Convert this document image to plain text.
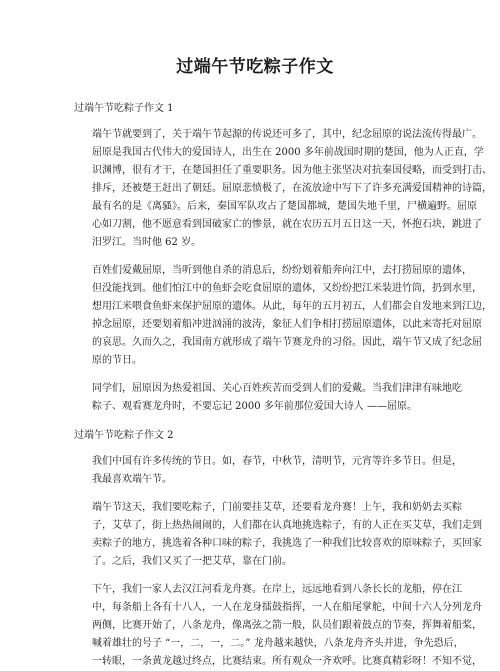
过端午节吃粽子作文
过端午节吃粽子作文 1
端午节就要到了，关于端午节起源的传说还可多了，其中，纪念屈原的说法流传得最广。
屈原是我国古代伟大的爱国诗人，出生在 2000 多年前战国时期的楚国，他为人正直，学
识渊博，很有才干，在楚国担任了重要职务。因为他主张坚决对抗秦国侵略，而受到打击、
排斥，还被楚王赶出了朝廷。屈原悲愤极了，在流放途中写下了许多充满爱国精神的诗篇，
最有名的是《离骚》。后来，秦国军队攻占了楚国都城，楚国失地千里，尸横遍野。屈原
心如刀割，他不愿意看到国破家亡的惨景，就在农历五月五日这一天，怀抱石块，跳进了
汨罗江。当时他 62 岁。
百姓们爱戴屈原，当听到他自杀的消息后，纷纷划着船奔向江中，去打捞屈原的遗体，
但没能找到。他们怕江中的鱼虾会吃食屈原的遗体，又纷纷把江米装进竹筒，扔到水里，
想用江米喂食鱼虾来保护屈原的遗体。从此，每年的五月初五，人们都会自发地来到江边，
掉念屈原，还要划着船冲进汹涌的波涛，象征人们争相打捞屈原遗体，以此来寄托对屈原
的哀思。久而久之，我国南方就形成了端午节赛龙舟的习俗。因此，端午节又成了纪念屈
原的节日。
同学们，屈原因为热爱祖国、关心百姓疾苦而受到人们的爱戴。当我们津津有味地吃
粽子、观看赛龙舟时，不要忘记 2000 多年前那位爱国大诗人 ——屈原。
过端午节吃粽子作文 2
我们中国有许多传统的节日。如，春节，中秋节，清明节，元宵等许多节日。但是，
我最喜欢端午节。
端午节这天，我们要吃粽子，门前要挂艾草，还要看龙舟赛！上午，我和奶奶去买粽
子，艾草了，街上热热闹闹的，人们都在认真地挑选粽子，有的人正在买艾草，我们走到
卖粽子的地方，挑选着各种口味的粽子，我挑选了一种我们比较喜欢的原味粽子，买回家
了。之后，我们又买了一把艾草，靠在门前。
下午，我们一家人去汉江河看龙舟赛。在岸上，远远地看到八条长长的龙船，停在江
中，每条船上各有十八人，一人在龙身擂鼓指挥，一人在船尾掌舵，中间十六人分列龙舟
两侧，比赛开始了，八条龙舟，像离弦之箭一般，队员们跟着鼓点的节奏，挥舞着船桨，
喊着雄壮的号子 “一，二，一，二。” 龙舟越来越快，八条龙舟齐头并进，争先恐后，
一转眼，一条黄龙越过终点，比赛结束。所有观众一齐欢呼。比赛真精彩呀！不知不觉，
